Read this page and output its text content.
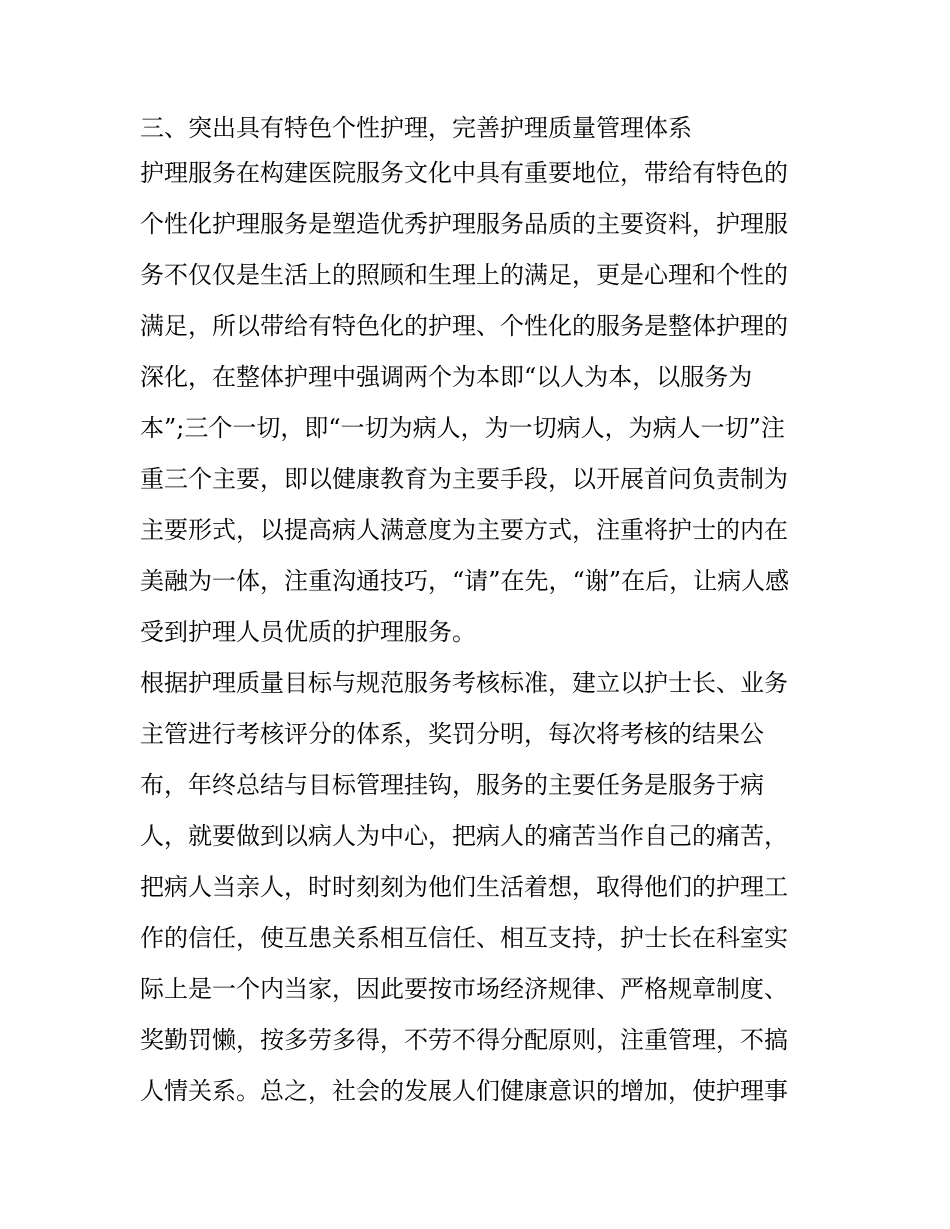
三、突出具有特色个性护理，完善护理质量管理体系
护理服务在构建医院服务文化中具有重要地位，带给有特色的
个性化护理服务是塑造优秀护理服务品质的主要资料，护理服
务不仅仅是生活上的照顾和生理上的满足，更是心理和个性的
满足，所以带给有特色化的护理、个性化的服务是整体护理的
深化，在整体护理中强调两个为本即“以人为本，以服务为
本”;三个一切，即“一切为病人，为一切病人，为病人一切”注
重三个主要，即以健康教育为主要手段，以开展首问负责制为
主要形式，以提高病人满意度为主要方式，注重将护士的内在
美融为一体，注重沟通技巧，“请”在先，“谢”在后，让病人感
受到护理人员优质的护理服务。
根据护理质量目标与规范服务考核标准，建立以护士长、业务
主管进行考核评分的体系，奖罚分明，每次将考核的结果公
布，年终总结与目标管理挂钩，服务的主要任务是服务于病
人，就要做到以病人为中心，把病人的痛苦当作自己的痛苦，
把病人当亲人，时时刻刻为他们生活着想，取得他们的护理工
作的信任，使互患关系相互信任、相互支持，护士长在科室实
际上是一个内当家，因此要按市场经济规律、严格规章制度、
奖勤罚懒，按多劳多得，不劳不得分配原则，注重管理，不搞
人情关系。总之，社会的发展人们健康意识的增加，使护理事
